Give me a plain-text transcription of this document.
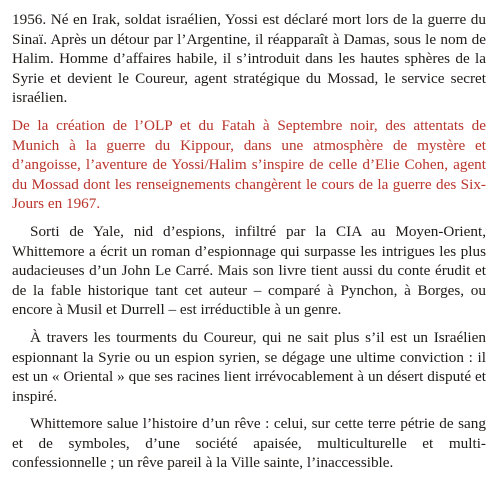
1956. Né en Irak, soldat israélien, Yossi est déclaré mort lors de la guerre du Sinaï. Après un détour par l’Argentine, il réapparaît à Damas, sous le nom de Halim. Homme d’affaires habile, il s’introduit dans les hautes sphères de la Syrie et devient le Coureur, agent stratégique du Mossad, le service secret israélien.

De la création de l’OLP et du Fatah à Septembre noir, des attentats de Munich à la guerre du Kippour, dans une atmosphère de mystère et d’angoisse, l’aventure de Yossi/Halim s’inspire de celle d’Elie Cohen, agent du Mossad dont les renseignements changèrent le cours de la guerre des Six-Jours en 1967.

Sorti de Yale, nid d’espions, infiltré par la CIA au Moyen-Orient, Whittemore a écrit un roman d’espionnage qui surpasse les intrigues les plus audacieuses d’un John Le Carré. Mais son livre tient aussi du conte érudit et de la fable historique tant cet auteur – comparé à Pynchon, à Borges, ou encore à Musil et Durrell – est irréductible à un genre.

À travers les tourments du Coureur, qui ne sait plus s’il est un Israélien espionnant la Syrie ou un espion syrien, se dégage une ultime conviction : il est un « Oriental » que ses racines lient irrévocablement à un désert disputé et inspiré.

Whittemore salue l’histoire d’un rêve : celui, sur cette terre pétrie de sang et de symboles, d’une société apaisée, multiculturelle et multi-confessionnelle ; un rêve pareil à la Ville sainte, l’inaccessible.
